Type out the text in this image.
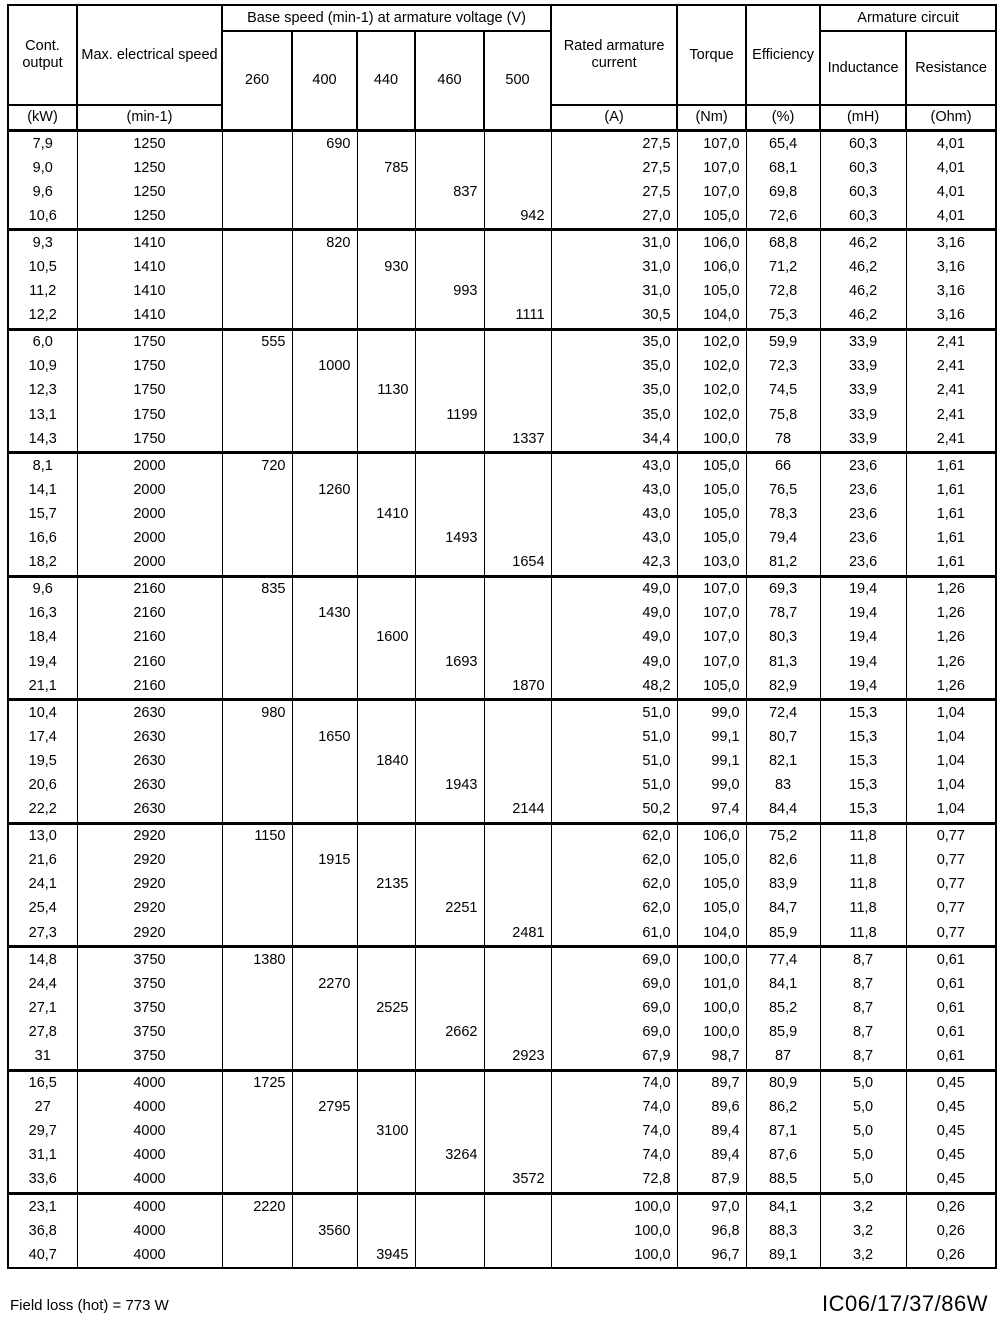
Cont. output	Max. electrical speed	Base speed (min-1) at armature voltage (V)					Rated armature current	Torque	Efficiency	Armature circuit	
		260	400	440	460	500				Inductance	Resistance
(kW)	(min-1)						(A)	(Nm)	(%)	(mH)	(Ohm)
7,9	1250		690				27,5	107,0	65,4	60,3	4,01
9,0	1250			785			27,5	107,0	68,1	60,3	4,01
9,6	1250				837		27,5	107,0	69,8	60,3	4,01
10,6	1250					942	27,0	105,0	72,6	60,3	4,01
9,3	1410		820				31,0	106,0	68,8	46,2	3,16
10,5	1410			930			31,0	106,0	71,2	46,2	3,16
11,2	1410				993		31,0	105,0	72,8	46,2	3,16
12,2	1410					1111	30,5	104,0	75,3	46,2	3,16
6,0	1750	555					35,0	102,0	59,9	33,9	2,41
10,9	1750		1000				35,0	102,0	72,3	33,9	2,41
12,3	1750			1130			35,0	102,0	74,5	33,9	2,41
13,1	1750				1199		35,0	102,0	75,8	33,9	2,41
14,3	1750					1337	34,4	100,0	78	33,9	2,41
8,1	2000	720					43,0	105,0	66	23,6	1,61
14,1	2000		1260				43,0	105,0	76,5	23,6	1,61
15,7	2000			1410			43,0	105,0	78,3	23,6	1,61
16,6	2000				1493		43,0	105,0	79,4	23,6	1,61
18,2	2000					1654	42,3	103,0	81,2	23,6	1,61
9,6	2160	835					49,0	107,0	69,3	19,4	1,26
16,3	2160		1430				49,0	107,0	78,7	19,4	1,26
18,4	2160			1600			49,0	107,0	80,3	19,4	1,26
19,4	2160				1693		49,0	107,0	81,3	19,4	1,26
21,1	2160					1870	48,2	105,0	82,9	19,4	1,26
10,4	2630	980					51,0	99,0	72,4	15,3	1,04
17,4	2630		1650				51,0	99,1	80,7	15,3	1,04
19,5	2630			1840			51,0	99,1	82,1	15,3	1,04
20,6	2630				1943		51,0	99,0	83	15,3	1,04
22,2	2630					2144	50,2	97,4	84,4	15,3	1,04
13,0	2920	1150					62,0	106,0	75,2	11,8	0,77
21,6	2920		1915				62,0	105,0	82,6	11,8	0,77
24,1	2920			2135			62,0	105,0	83,9	11,8	0,77
25,4	2920				2251		62,0	105,0	84,7	11,8	0,77
27,3	2920					2481	61,0	104,0	85,9	11,8	0,77
14,8	3750	1380					69,0	100,0	77,4	8,7	0,61
24,4	3750		2270				69,0	101,0	84,1	8,7	0,61
27,1	3750			2525			69,0	100,0	85,2	8,7	0,61
27,8	3750				2662		69,0	100,0	85,9	8,7	0,61
31	3750					2923	67,9	98,7	87	8,7	0,61
16,5	4000	1725					74,0	89,7	80,9	5,0	0,45
27	4000		2795				74,0	89,6	86,2	5,0	0,45
29,7	4000			3100			74,0	89,4	87,1	5,0	0,45
31,1	4000				3264		74,0	89,4	87,6	5,0	0,45
33,6	4000					3572	72,8	87,9	88,5	5,0	0,45
23,1	4000	2220					100,0	97,0	84,1	3,2	0,26
36,8	4000		3560				100,0	96,8	88,3	3,2	0,26
40,7	4000			3945			100,0	96,7	89,1	3,2	0,26
Field loss (hot) = 773 W	IC06/17/37/86W
